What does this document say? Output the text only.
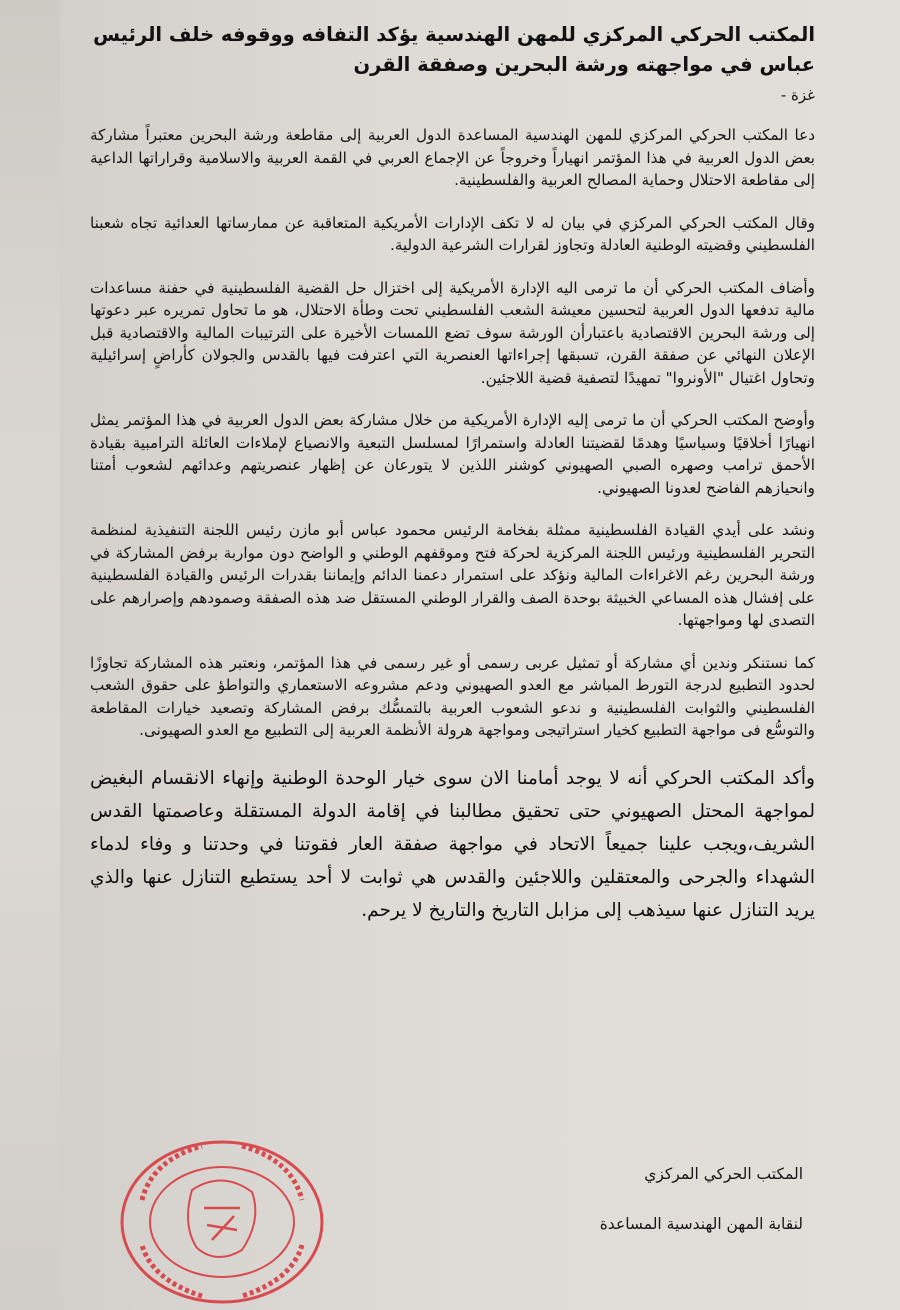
المكتب الحركي المركزي للمهن الهندسية يؤكد التفافه ووقوفه خلف الرئيس
عباس في مواجهته ورشة البحرين وصفقة القرن
غزة -

دعا المكتب الحركي المركزي للمهن الهندسية المساعدة الدول العربية إلى مقاطعة ورشة البحرين معتبراً مشاركة بعض الدول العربية في هذا المؤتمر انهياراً وخروجاً عن الإجماع العربي في القمة العربية والاسلامية وقراراتها الداعية إلى مقاطعة الاحتلال وحماية المصالح العربية والفلسطينية.

وقال المكتب الحركي المركزي في بيان له لا تكف الإدارات الأمريكية المتعاقبة عن ممارساتها العدائية تجاه شعبنا الفلسطيني وقضيته الوطنية العادلة وتجاوز لقرارات الشرعية الدولية.

وأضاف المكتب الحركي أن ما ترمى اليه الإدارة الأمريكية إلى اختزال حل القضية الفلسطينية في حفنة مساعدات مالية تدفعها الدول العربية لتحسين معيشة الشعب الفلسطيني تحت وطأة الاحتلال، هو ما تحاول تمريره عبر دعوتها إلى ورشة البحرين الاقتصادية باعتبارأن الورشة سوف تضع اللمسات الأخيرة على الترتيبات المالية والاقتصادية قبل الإعلان النهائي عن صفقة القرن، تسبقها إجراءاتها العنصرية التي اعترفت فيها بالقدس والجولان كأراضٍ إسرائيلية وتحاول اغتيال "الأونروا" تمهيدًا لتصفية قضية اللاجئين.

وأوضح المكتب الحركي أن ما ترمى إليه الإدارة الأمريكية من خلال مشاركة بعض الدول العربية في هذا المؤتمر يمثل انهيارًا أخلاقيًا وسياسيًا وهدمًا لقضيتنا العادلة واستمرارًا لمسلسل التبعية والانصياع لإملاءات العائلة الترامبية بقيادة الأحمق ترامب وصهره الصبي الصهيوني كوشنر اللذين لا يتورعان عن إظهار عنصريتهم وعدائهم لشعوب أمتنا وانحيازهم الفاضح لعدونا الصهيوني.

ونشد على أيدي القيادة الفلسطينية ممثلة بفخامة الرئيس محمود عباس أبو مازن رئيس اللجنة التنفيذية لمنظمة التحرير الفلسطينية ورئيس اللجنة المركزية لحركة فتح وموقفهم الوطني و الواضح دون مواربة برفض المشاركة في ورشة البحرين رغم الاغراءات المالية ونؤكد على استمرار دعمنا الدائم وإيماننا بقدرات الرئيس والقيادة الفلسطينية على إفشال هذه المساعي الخبيثة بوحدة الصف والقرار الوطني المستقل ضد هذه الصفقة وصمودهم وإصرارهم على التصدى لها ومواجهتها.

كما نستنكر وندين أي مشاركة أو تمثيل عربى رسمى أو غير رسمى في هذا المؤتمر، ونعتبر هذه المشاركة تجاوزًا لحدود التطبيع لدرجة التورط المباشر مع العدو الصهيوني ودعم مشروعه الاستعماري والتواطؤ على حقوق الشعب الفلسطيني والثوابت الفلسطينية و ندعو الشعوب العربية بالتمسُّك برفض المشاركة وتصعيد خيارات المقاطعة والتوسُّع فى مواجهة التطبيع كخيار استراتيجى ومواجهة هرولة الأنظمة العربية إلى التطبيع مع العدو الصهيونى.

وأكد المكتب الحركي أنه لا يوجد أمامنا الان سوى خيار الوحدة الوطنية وإنهاء الانقسام البغيض لمواجهة المحتل الصهيوني حتى تحقيق مطالبنا في إقامة الدولة المستقلة وعاصمتها القدس الشريف،ويجب علينا جميعاً الاتحاد في مواجهة صفقة العار فقوتنا في وحدتنا و وفاء لدماء الشهداء والجرحى والمعتقلين واللاجئين والقدس هي ثوابت لا أحد يستطيع التنازل عنها والذي يريد التنازل عنها سيذهب إلى مزابل التاريخ والتاريخ لا يرحم.

المكتب الحركي المركزي
لنقابة المهن الهندسية المساعدة
